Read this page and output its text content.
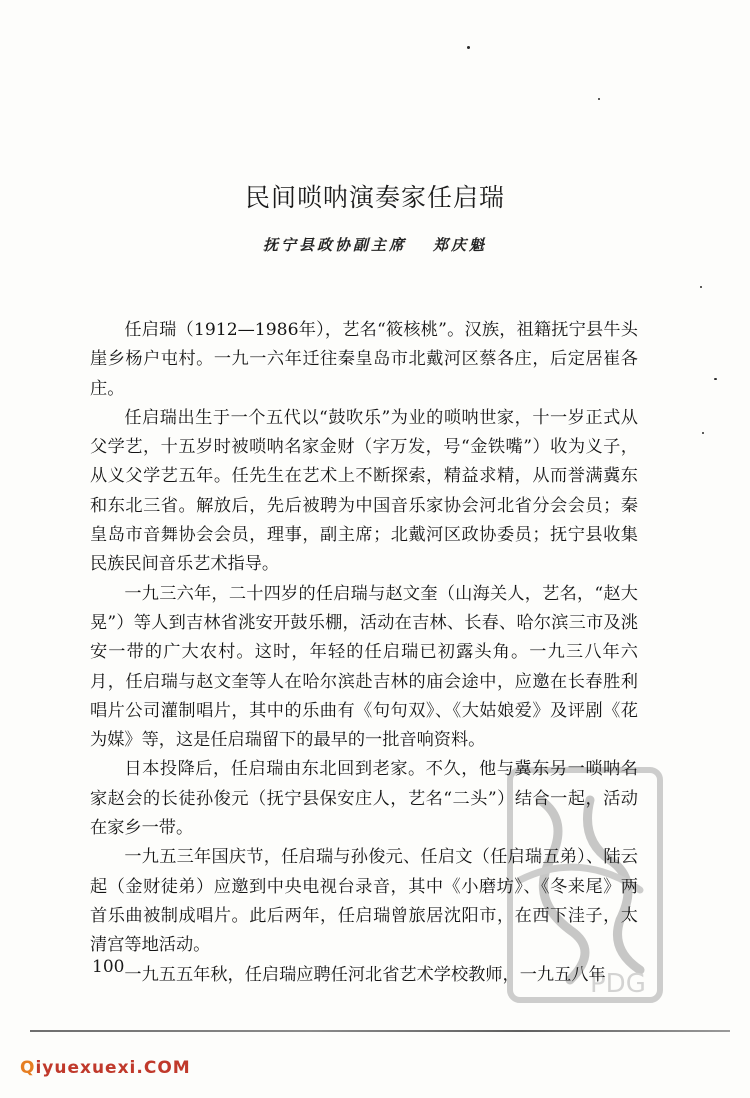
民间唢呐演奏家任启瑞
抚宁县政协副主席 郑庆魁
PDG

任启瑞（1912—1986年），艺名“筱核桃”。汉族，祖籍抚宁县牛头崖乡杨户屯村。一九一六年迁往秦皇岛市北戴河区蔡各庄，后定居崔各庄。

任启瑞出生于一个五代以“鼓吹乐”为业的唢呐世家，十一岁正式从父学艺，十五岁时被唢呐名家金财（字万发，号“金铁嘴”）收为义子，从义父学艺五年。任先生在艺术上不断探索，精益求精，从而誉满冀东和东北三省。解放后，先后被聘为中国音乐家协会河北省分会会员；秦皇岛市音舞协会会员，理事，副主席；北戴河区政协委员；抚宁县收集民族民间音乐艺术指导。

一九三六年，二十四岁的任启瑞与赵文奎（山海关人，艺名，“赵大晃”）等人到吉林省洮安开鼓乐棚，活动在吉林、长春、哈尔滨三市及洮安一带的广大农村。这时，年轻的任启瑞已初露头角。一九三八年六月，任启瑞与赵文奎等人在哈尔滨赴吉林的庙会途中，应邀在长春胜利唱片公司灌制唱片，其中的乐曲有《句句双》、《大姑娘爱》及评剧《花为媒》等，这是任启瑞留下的最早的一批音响资料。

日本投降后，任启瑞由东北回到老家。不久，他与冀东另一唢呐名家赵会的长徒孙俊元（抚宁县保安庄人，艺名“二头”）结合一起，活动在家乡一带。

一九五三年国庆节，任启瑞与孙俊元、任启文（任启瑞五弟）、陆云起（金财徒弟）应邀到中央电视台录音，其中《小磨坊》、《冬来尾》两首乐曲被制成唱片。此后两年，任启瑞曾旅居沈阳市，在西下洼子，太清宫等地活动。

一九五五年秋，任启瑞应聘任河北省艺术学校教师，一九五八年

100
Qiyuexuexi.COM
